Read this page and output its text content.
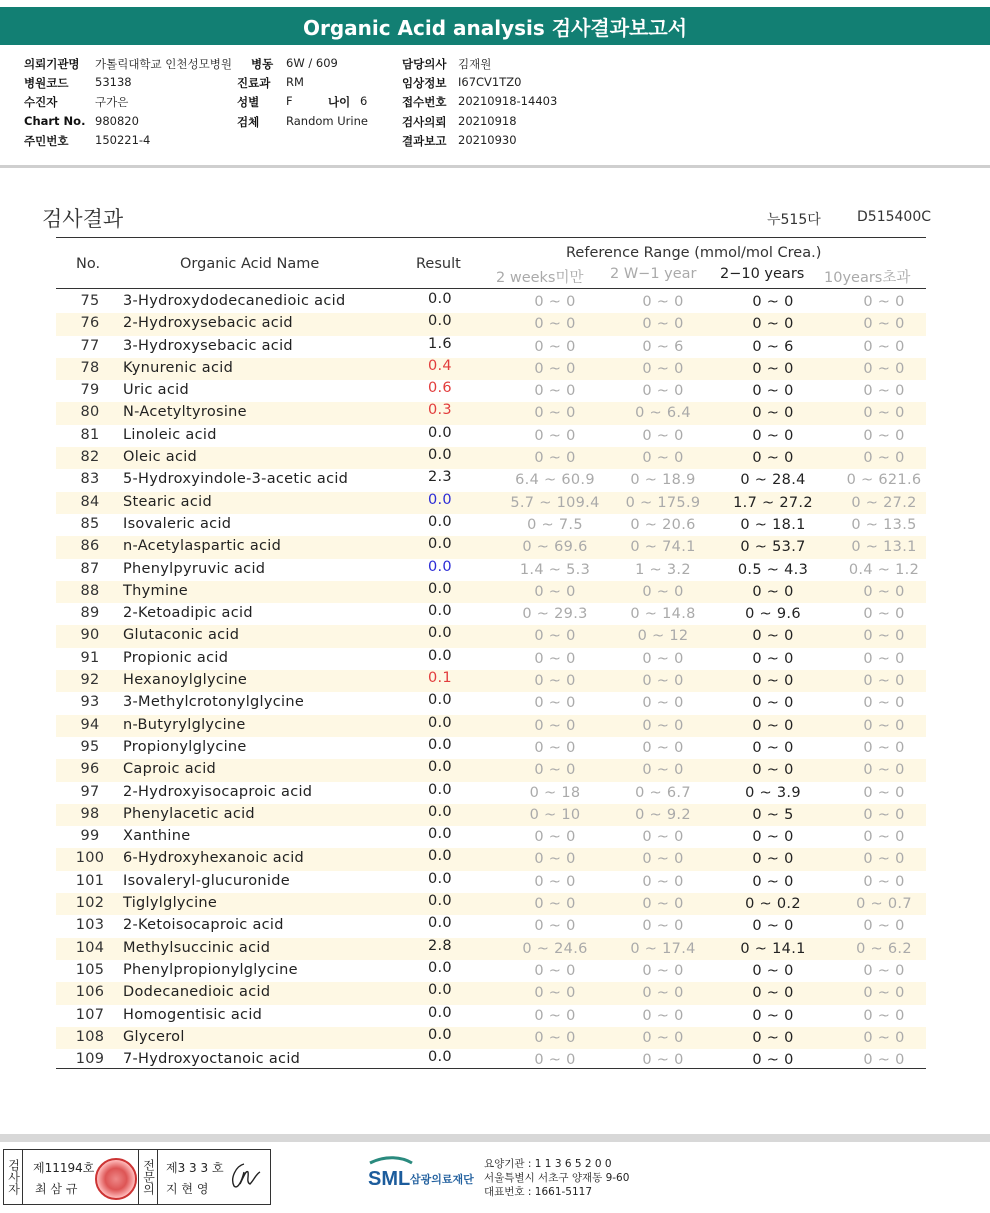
Organic Acid analysis 검사결과보고서
의뢰기관명 가톨릭대학교 인천성모병원 병동 6W / 609	담당의사 김재원
병원코드 53138	진료과 RM	임상정보 I67CV1TZ0
수진자	구가은	성별 F	나이 6	접수번호 20210918-14403
Chart No. 980820	검체 Random Urine	검사의뢰 20210918
주민번호 150221-4	결과보고 20210930
검사결과	누515다	D515400C
No.	Organic Acid Name	Result
Reference Range (mmol/mol Crea.)
2 weeks미만 2 W−1 year 2−10 years 10years초과
75	3-Hydroxydodecanedioic acid	0.0	0 ~ 0	0 ~ 0	0 ~ 0	0 ~ 0
76	2-Hydroxysebacic acid	0.0	0 ~ 0	0 ~ 0	0 ~ 0	0 ~ 0
77	3-Hydroxysebacic acid	1.6	0 ~ 0	0 ~ 6	0 ~ 6	0 ~ 0
78	Kynurenic acid	0.4	0 ~ 0	0 ~ 0	0 ~ 0	0 ~ 0
79	Uric acid	0.6	0 ~ 0	0 ~ 0	0 ~ 0	0 ~ 0
80	N-Acetyltyrosine	0.3	0 ~ 0	0 ~ 6.4	0 ~ 0	0 ~ 0
81	Linoleic acid	0.0	0 ~ 0	0 ~ 0	0 ~ 0	0 ~ 0
82	Oleic acid	0.0	0 ~ 0	0 ~ 0	0 ~ 0	0 ~ 0
83	5-Hydroxyindole-3-acetic acid	2.3	6.4 ~ 60.9	0 ~ 18.9	0 ~ 28.4	0 ~ 621.6
84	Stearic acid	0.0	5.7 ~ 109.4	0 ~ 175.9	1.7 ~ 27.2	0 ~ 27.2
85	Isovaleric acid	0.0	0 ~ 7.5	0 ~ 20.6	0 ~ 18.1	0 ~ 13.5
86	n-Acetylaspartic acid	0.0	0 ~ 69.6	0 ~ 74.1	0 ~ 53.7	0 ~ 13.1
87	Phenylpyruvic acid	0.0	1.4 ~ 5.3	1 ~ 3.2	0.5 ~ 4.3	0.4 ~ 1.2
88	Thymine	0.0	0 ~ 0	0 ~ 0	0 ~ 0	0 ~ 0
89	2-Ketoadipic acid	0.0	0 ~ 29.3	0 ~ 14.8	0 ~ 9.6	0 ~ 0
90	Glutaconic acid	0.0	0 ~ 0	0 ~ 12	0 ~ 0	0 ~ 0
91	Propionic acid	0.0	0 ~ 0	0 ~ 0	0 ~ 0	0 ~ 0
92	Hexanoylglycine	0.1	0 ~ 0	0 ~ 0	0 ~ 0	0 ~ 0
93	3-Methylcrotonylglycine	0.0	0 ~ 0	0 ~ 0	0 ~ 0	0 ~ 0
94	n-Butyrylglycine	0.0	0 ~ 0	0 ~ 0	0 ~ 0	0 ~ 0
95	Propionylglycine	0.0	0 ~ 0	0 ~ 0	0 ~ 0	0 ~ 0
96	Caproic acid	0.0	0 ~ 0	0 ~ 0	0 ~ 0	0 ~ 0
97	2-Hydroxyisocaproic acid	0.0	0 ~ 18	0 ~ 6.7	0 ~ 3.9	0 ~ 0
98	Phenylacetic acid	0.0	0 ~ 10	0 ~ 9.2	0 ~ 5	0 ~ 0
99	Xanthine	0.0	0 ~ 0	0 ~ 0	0 ~ 0	0 ~ 0
100	6-Hydroxyhexanoic acid	0.0	0 ~ 0	0 ~ 0	0 ~ 0	0 ~ 0
101	Isovaleryl-glucuronide	0.0	0 ~ 0	0 ~ 0	0 ~ 0	0 ~ 0
102	Tiglylglycine	0.0	0 ~ 0	0 ~ 0	0 ~ 0.2	0 ~ 0.7
103	2-Ketoisocaproic acid	0.0	0 ~ 0	0 ~ 0	0 ~ 0	0 ~ 0
104	Methylsuccinic acid	2.8	0 ~ 24.6	0 ~ 17.4	0 ~ 14.1	0 ~ 6.2
105	Phenylpropionylglycine	0.0	0 ~ 0	0 ~ 0	0 ~ 0	0 ~ 0
106	Dodecanedioic acid	0.0	0 ~ 0	0 ~ 0	0 ~ 0	0 ~ 0
107	Homogentisic acid	0.0	0 ~ 0	0 ~ 0	0 ~ 0	0 ~ 0
108	Glycerol	0.0	0 ~ 0	0 ~ 0	0 ~ 0	0 ~ 0
109	7-Hydroxyoctanoic acid	0.0	0 ~ 0	0 ~ 0	0 ~ 0	0 ~ 0
검사자 제11194호
최 삼 규	전문의 제3 3 3 호
지 현 영	SML 삼광의료재단
요양기관 : 1 1 3 6 5 2 0 0
서울특별시 서초구 양재동 9-60
대표번호 : 1661-5117
